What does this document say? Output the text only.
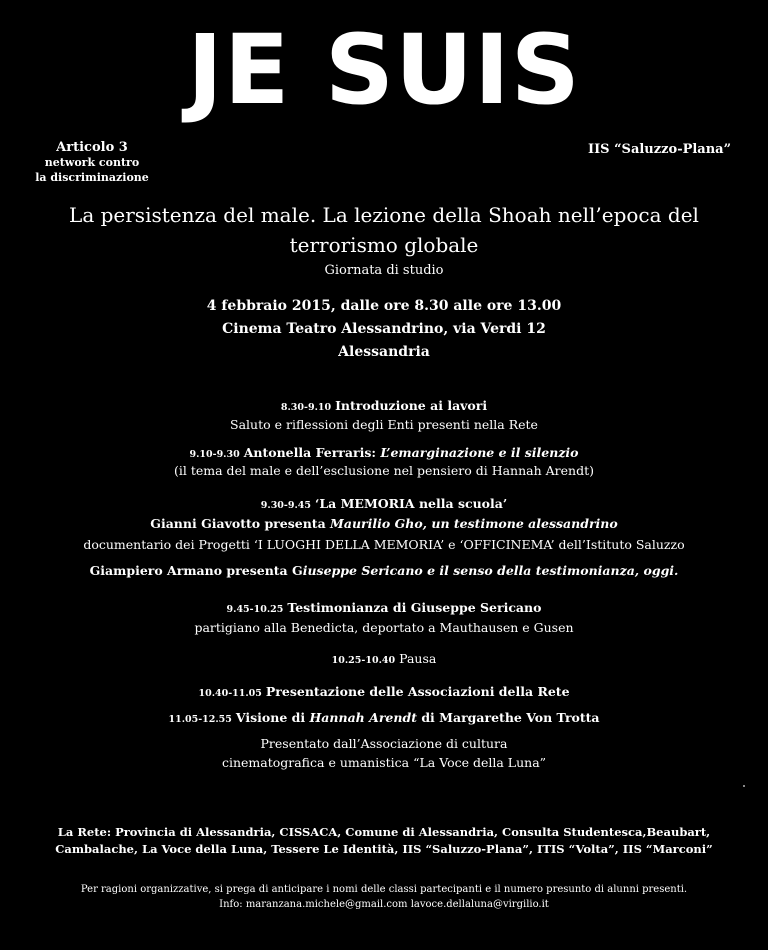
JE SUIS
Articolo 3
network contro
la discriminazione
IIS “Saluzzo-Plana”
La persistenza del male. La lezione della Shoah nell’epoca del
terrorismo globale
Giornata di studio
4 febbraio 2015, dalle ore 8.30 alle ore 13.00
Cinema Teatro Alessandrino, via Verdi 12
Alessandria
8.30-9.10 Introduzione ai lavori
Saluto e riflessioni degli Enti presenti nella Rete
9.10-9.30 Antonella Ferraris: L’emarginazione e il silenzio
(il tema del male e dell’esclusione nel pensiero di Hannah Arendt)
9.30-9.45 ‘La MEMORIA nella scuola’
Gianni Giavotto presenta Maurilio Gho, un testimone alessandrino
documentario dei Progetti ‘I LUOGHI DELLA MEMORIA’ e ‘OFFICINEMA’ dell’Istituto Saluzzo
Giampiero Armano presenta Giuseppe Sericano e il senso della testimonianza, oggi.
9.45-10.25 Testimonianza di Giuseppe Sericano
partigiano alla Benedicta, deportato a Mauthausen e Gusen
10.25-10.40 Pausa
10.40-11.05 Presentazione delle Associazioni della Rete
11.05-12.55 Visione di Hannah Arendt di Margarethe Von Trotta
Presentato dall’Associazione di cultura
cinematografica e umanistica “La Voce della Luna”
La Rete: Provincia di Alessandria, CISSACA, Comune di Alessandria, Consulta Studentesca,Beaubart,
Cambalache, La Voce della Luna, Tessere Le Identità, IIS “Saluzzo-Plana”, ITIS “Volta”, IIS “Marconi”
Per ragioni organizzative, si prega di anticipare i nomi delle classi partecipanti e il numero presunto di alunni presenti.
Info: maranzana.michele@gmail.com lavoce.dellaluna@virgilio.it
